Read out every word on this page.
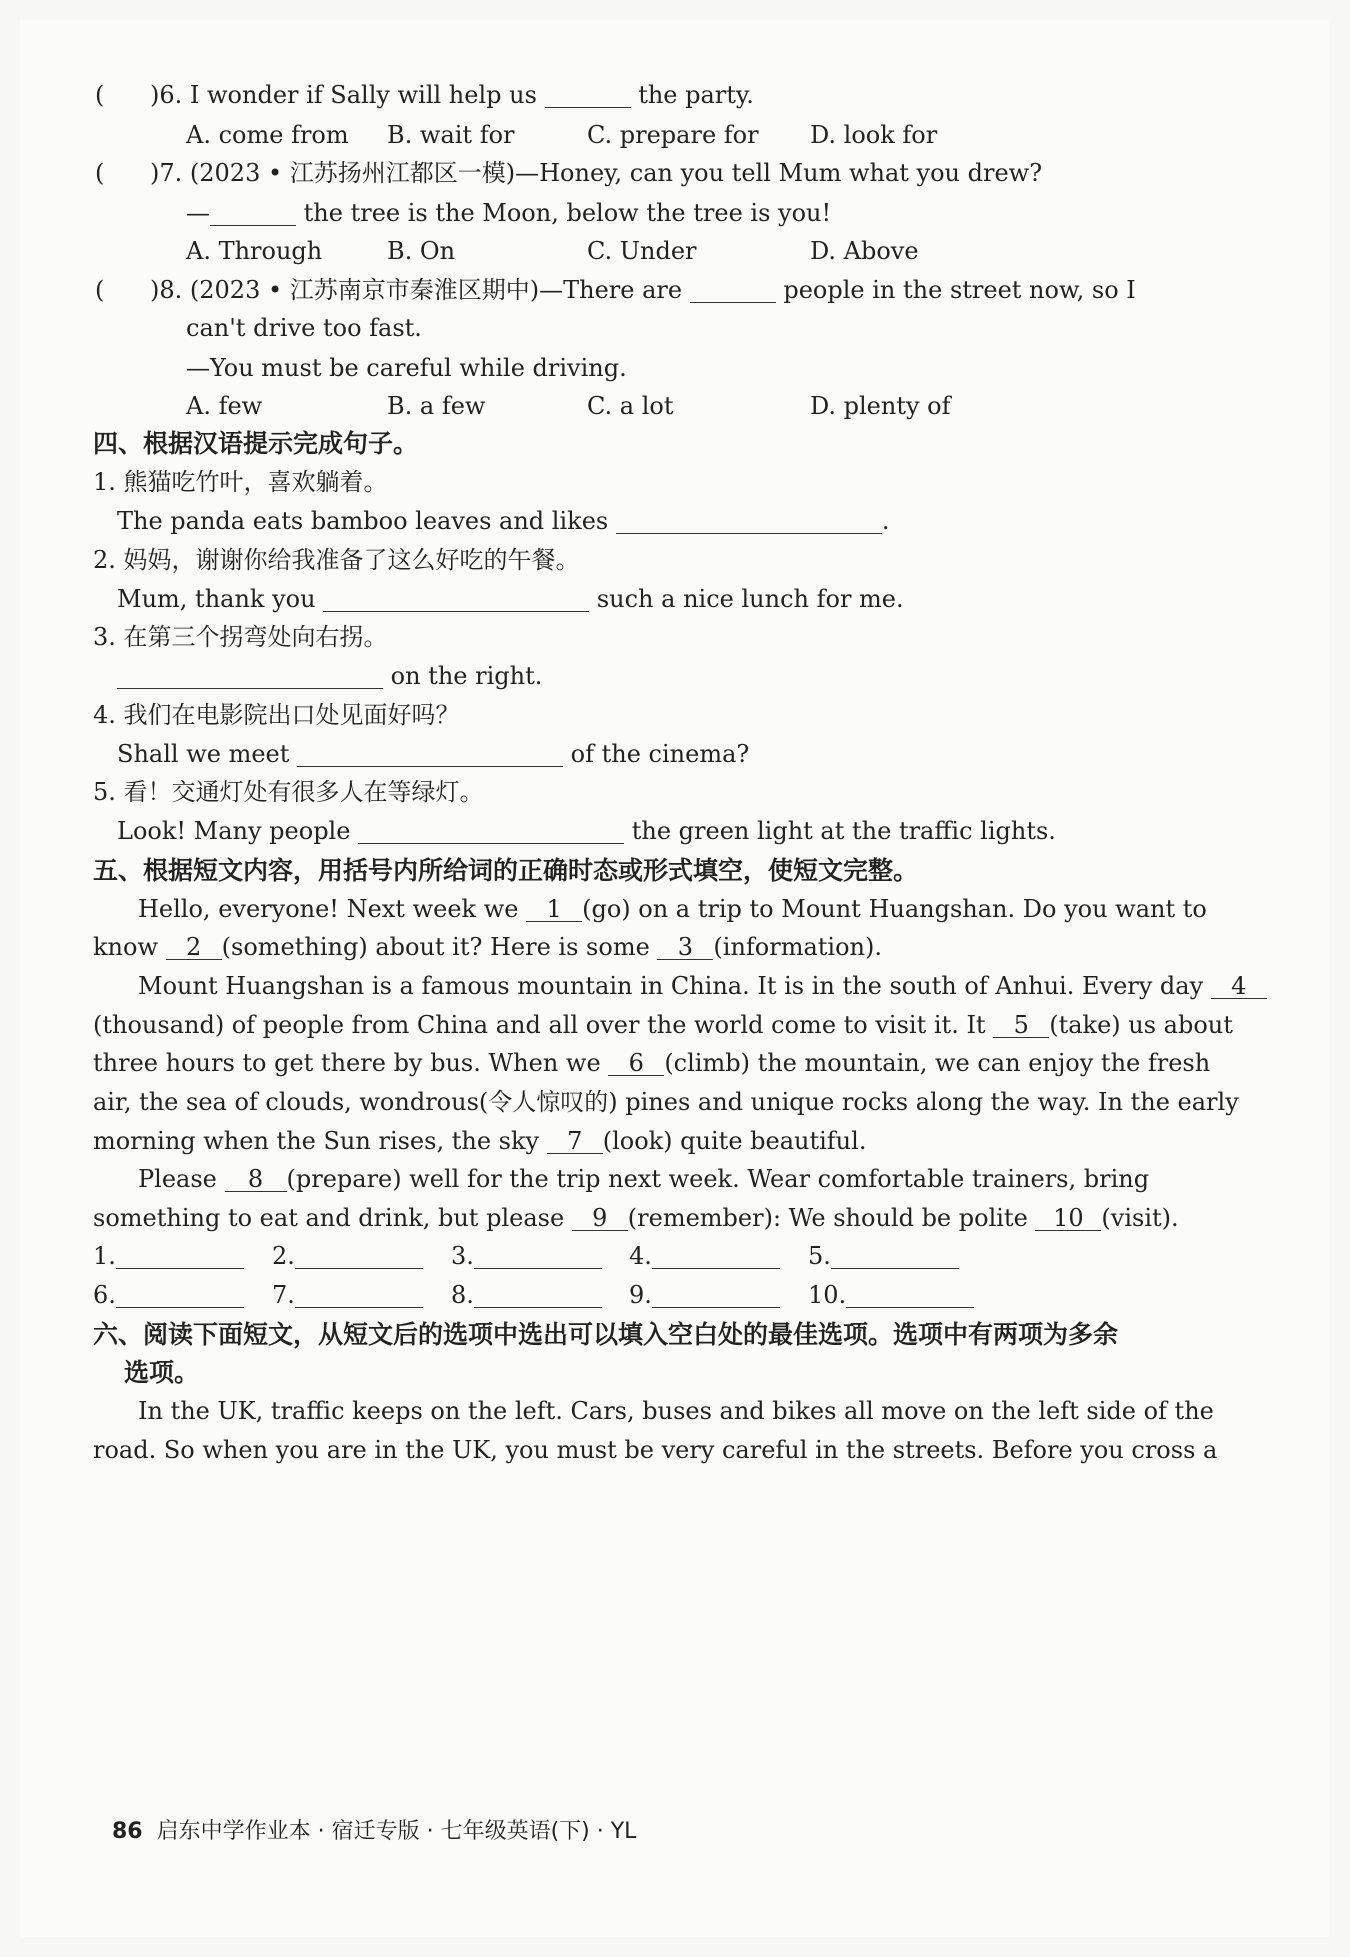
( )6. I wonder if Sally will help us	the party.
A. come from B. wait for	C. prepare for D. look for
( )7. (2023 • 江苏扬州江都区一模)—Honey, can you tell Mum what you drew?
—	the tree is the Moon, below the tree is you!
A. Through	B. On	C. Under	D. Above
( )8. (2023 • 江苏南京市秦淮区期中)—There are	people in the street now, so I
can't drive too fast.
—You must be careful while driving.
A. few	B. a few	C. a lot	D. plenty of
四、根据汉语提示完成句子。
1. 熊猫吃竹叶，喜欢躺着。
The panda eats bamboo leaves and likes	.
2. 妈妈，谢谢你给我准备了这么好吃的午餐。
Mum, thank you	such a nice lunch for me.
3. 在第三个拐弯处向右拐。
on the right.
4. 我们在电影院出口处见面好吗？
Shall we meet	of the cinema?
5. 看！交通灯处有很多人在等绿灯。
Look! Many people	the green light at the traffic lights.
五、根据短文内容，用括号内所给词的正确时态或形式填空，使短文完整。
Hello, everyone! Next week we 1 (go) on a trip to Mount Huangshan. Do you want to
know 2 (something) about it? Here is some 3 (information).
Mount Huangshan is a famous mountain in China. It is in the south of Anhui. Every day 4
(thousand) of people from China and all over the world come to visit it. It 5 (take) us about
three hours to get there by bus. When we 6 (climb) the mountain, we can enjoy the fresh
air, the sea of clouds, wondrous(令人惊叹的) pines and unique rocks along the way. In the early
morning when the Sun rises, the sky 7 (look) quite beautiful.
Please 8 (prepare) well for the trip next week. Wear comfortable trainers, bring
something to eat and drink, but please 9 (remember): We should be polite 10 (visit).
1.	2.	3.	4.	5.
6.	7.	8.	9.	10.
六、阅读下面短文，从短文后的选项中选出可以填入空白处的最佳选项。选项中有两项为多余
选项。
In the UK, traffic keeps on the left. Cars, buses and bikes all move on the left side of the
road. So when you are in the UK, you must be very careful in the streets. Before you cross a
86 启东中学作业本 · 宿迁专版 · 七年级英语(下) · YL
